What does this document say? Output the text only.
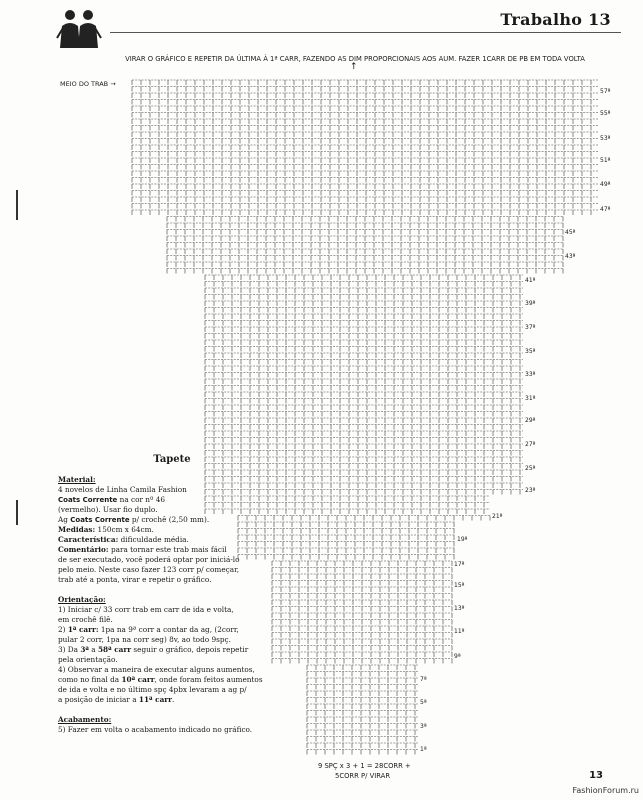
Trabalho 13
VIRAR O GRÁFICO E REPETIR DA ÚLTIMA À 1ª CARR, FAZENDO AS DIM PROPORCIONAIS AOS AUM. FAZER 1CARR DE PB EM TODA VOLTA
↑
MEIO DO TRAB →
57ª
55ª
53ª
51ª
49ª
47ª
45ª
43ª
41ª
39ª
37ª
35ª
33ª
31ª
29ª
27ª
25ª
23ª
21ª
19ª
17ª
15ª
13ª
11ª
9ª
7ª
5ª
3ª
1ª
9 SPÇ x 3 + 1 = 28CORR +
5CORR P/ VIRAR

Tapete

Material:

4 novelos de Linha Camila Fashion

Coats Corrente na cor nº 46

(vermelho). Usar fio duplo.

Ag Coats Corrente p/ crochê (2,50 mm).

Medidas: 150cm x 64cm.

Característica: dificuldade média.

Comentário: para tornar este trab mais fácil

de ser executado, você poderá optar por iniciá-lo

pelo meio. Neste caso fazer 123 corr p/ começar,

trab até a ponta, virar e repetir o gráfico.

Orientação:

1) Iniciar c/ 33 corr trab em carr de ida e volta,

em crochê filê.

2) 1ª carr: 1pa na 9ª corr a contar da ag, (2corr,

pular 2 corr, 1pa na corr seg) 8v, ao todo 9spç.

3) Da 3ª a 58ª carr seguir o gráfico, depois repetir

pela orientação.

4) Observar a maneira de executar alguns aumentos,

como no final da 10ª carr, onde foram feitos aumentos

de ida e volta e no último spç 4pbx levaram a ag p/

a posição de iniciar a 11ª carr.

Acabamento:

5) Fazer em volta o acabamento indicado no gráfico.

13
FashionForum.ru
